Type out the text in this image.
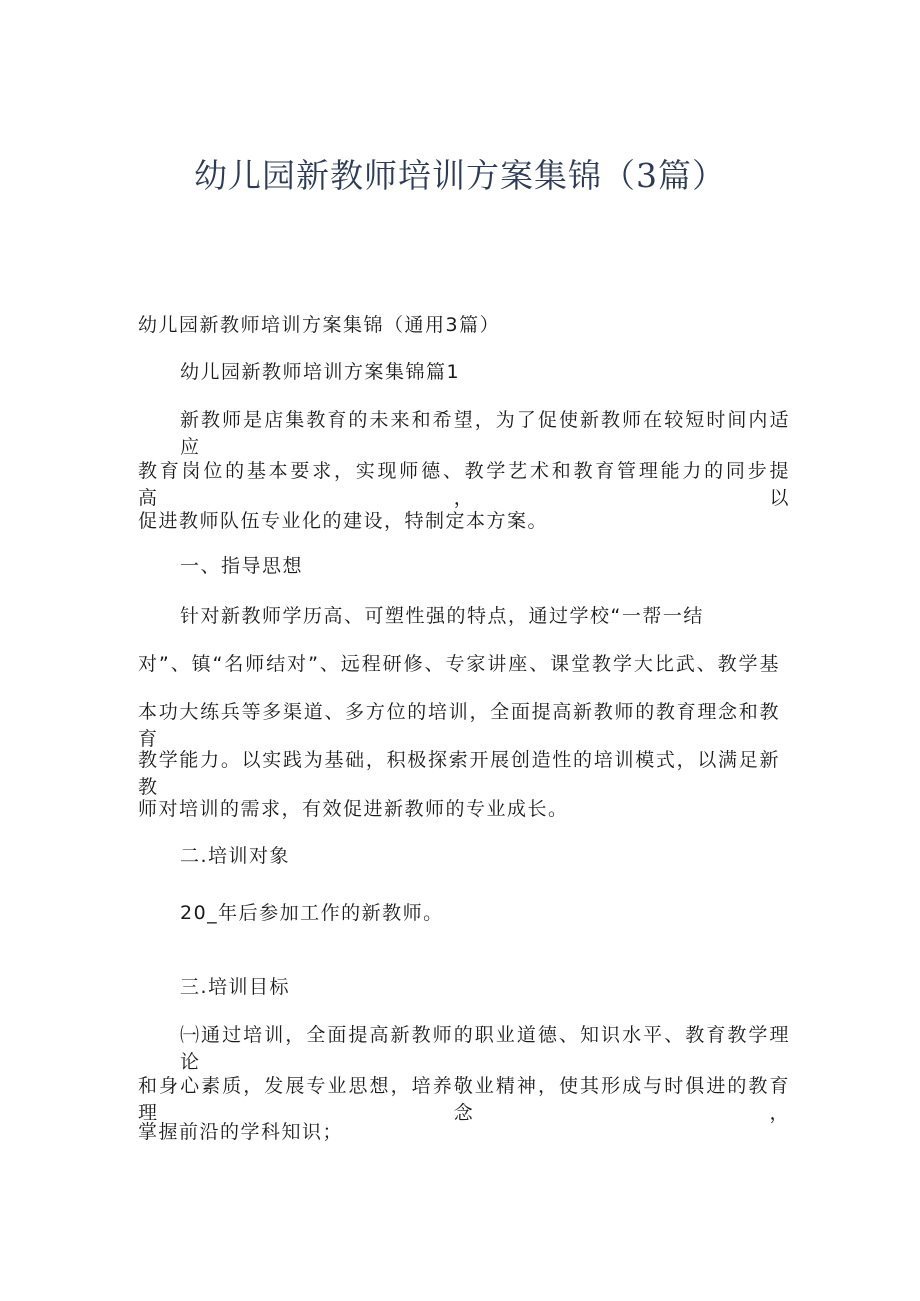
幼儿园新教师培训方案集锦（3篇）
幼儿园新教师培训方案集锦（通用3篇）
幼儿园新教师培训方案集锦篇1
新教师是店集教育的未来和希望，为了促使新教师在较短时间内适应
教育岗位的基本要求，实现师德、教学艺术和教育管理能力的同步提高，以
促进教师队伍专业化的建设，特制定本方案。
一、指导思想
针对新教师学历高、可塑性强的特点，通过学校“一帮一结
对”、镇“名师结对”、远程研修、专家讲座、课堂教学大比武、教学基
本功大练兵等多渠道、多方位的培训，全面提高新教师的教育理念和教育
教学能力。以实践为基础，积极探索开展创造性的培训模式，以满足新教
师对培训的需求，有效促进新教师的专业成长。
二.培训对象
20_年后参加工作的新教师。
三.培训目标
㈠通过培训，全面提高新教师的职业道德、知识水平、教育教学理论
和身心素质，发展专业思想，培养敬业精神，使其形成与时俱进的教育理念，
掌握前沿的学科知识；
